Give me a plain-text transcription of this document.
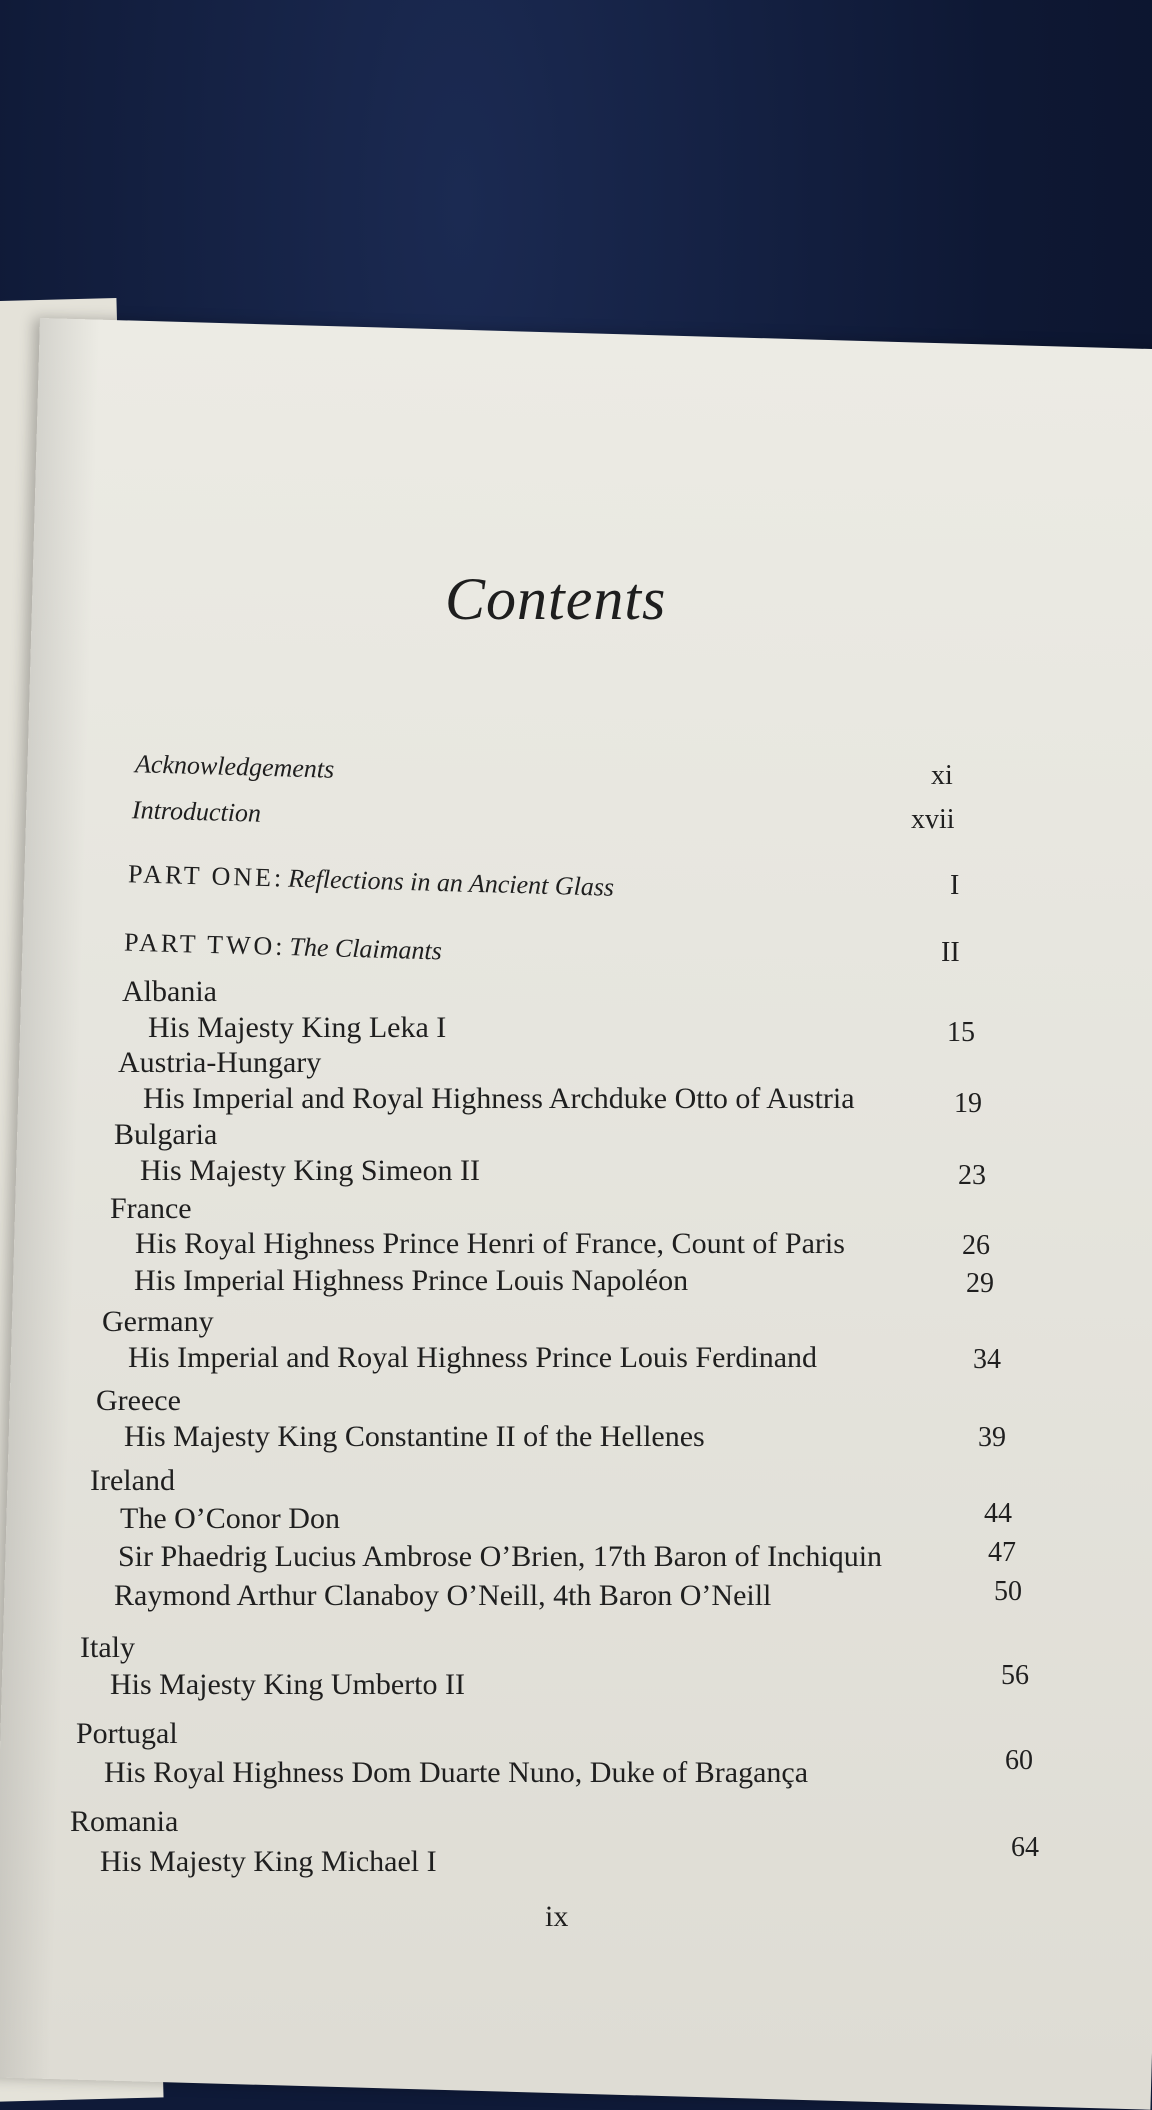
Contents
Acknowledgements	xi
Introduction	xvii
PART ONE: Reflections in an Ancient Glass	I
PART TWO: The Claimants	II
Albania
His Majesty King Leka I	15
Austria-Hungary
His Imperial and Royal Highness Archduke Otto of Austria	19
Bulgaria
His Majesty King Simeon II	23
France
His Royal Highness Prince Henri of France, Count of Paris	26
His Imperial Highness Prince Louis Napoléon	29
Germany
His Imperial and Royal Highness Prince Louis Ferdinand	34
Greece
His Majesty King Constantine II of the Hellenes	39
Ireland
The O’Conor Don	44
Sir Phaedrig Lucius Ambrose O’Brien, 17th Baron of Inchiquin	47
Raymond Arthur Clanaboy O’Neill, 4th Baron O’Neill	50
Italy
His Majesty King Umberto II	56
Portugal
His Royal Highness Dom Duarte Nuno, Duke of Bragança	60
Romania
His Majesty King Michael I	64
ix
